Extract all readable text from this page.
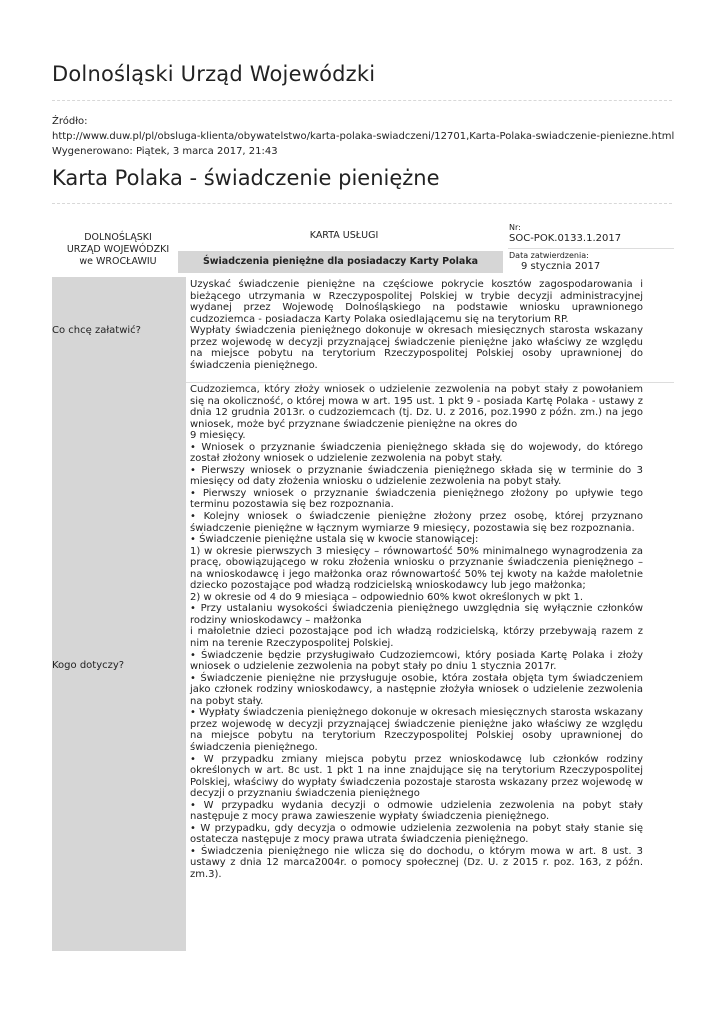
Dolnośląski Urząd Wojewódzki
Źródło:
http://www.duw.pl/pl/obsluga-klienta/obywatelstwo/karta-polaka-swiadczeni/12701,Karta-Polaka-swiadczenie-pieniezne.html
Wygenerowano: Piątek, 3 marca 2017, 21:43
Karta Polaka - świadczenie pieniężne
DOLNOŚLĄSKI
URZĄD WOJEWÓDZKI
we WROCŁAWIU
KARTA USŁUGI
Świadczenia pieniężne dla posiadaczy Karty Polaka
Nr:
SOC-POK.0133.1.2017
Data zatwierdzenia:
9 stycznia 2017
Co chcę załatwić?

Uzyskać świadczenie pieniężne na częściowe pokrycie kosztów zagospodarowania i bieżącego utrzymania w Rzeczypospolitej Polskiej w trybie decyzji administracyjnej wydanej przez Wojewodę Dolnośląskiego na podstawie wniosku uprawnionego cudzoziemca - posiadacza Karty Polaka osiedlającemu się na terytorium RP.

Wypłaty świadczenia pieniężnego dokonuje w okresach miesięcznych starosta wskazany przez wojewodę w decyzji przyznającej świadczenie pieniężne jako właściwy ze względu na miejsce pobytu na terytorium Rzeczypospolitej Polskiej osoby uprawnionej do świadczenia pieniężnego.

Kogo dotyczy?

Cudzoziemca, który złoży wniosek o udzielenie zezwolenia na pobyt stały z powołaniem się na okoliczność, o której mowa w art. 195 ust. 1 pkt 9 - posiada Kartę Polaka - ustawy z dnia 12 grudnia 2013r. o cudzoziemcach (tj. Dz. U. z 2016, poz.1990 z późn. zm.) na jego wniosek, może być przyznane świadczenie pieniężne na okres do

9 miesięcy.

• Wniosek o przyznanie świadczenia pieniężnego składa się do wojewody, do którego został złożony wniosek o udzielenie zezwolenia na pobyt stały.

• Pierwszy wniosek o przyznanie świadczenia pieniężnego składa się w terminie do 3 miesięcy od daty złożenia wniosku o udzielenie zezwolenia na pobyt stały.

• Pierwszy wniosek o przyznanie świadczenia pieniężnego złożony po upływie tego terminu pozostawia się bez rozpoznania.

• Kolejny wniosek o świadczenie pieniężne złożony przez osobę, której przyznano świadczenie pieniężne w łącznym wymiarze 9 miesięcy, pozostawia się bez rozpoznania.

• Świadczenie pieniężne ustala się w kwocie stanowiącej:

1) w okresie pierwszych 3 miesięcy – równowartość 50% minimalnego wynagrodzenia za pracę, obowiązującego w roku złożenia wniosku o przyznanie świadczenia pieniężnego – na wnioskodawcę i jego małżonka oraz równowartość 50% tej kwoty na każde małoletnie dziecko pozostające pod władzą rodzicielską wnioskodawcy lub jego małżonka;

2) w okresie od 4 do 9 miesiąca – odpowiednio 60% kwot określonych w pkt 1.

• Przy ustalaniu wysokości świadczenia pieniężnego uwzględnia się wyłącznie członków rodziny wnioskodawcy – małżonka

i małoletnie dzieci pozostające pod ich władzą rodzicielską, którzy przebywają razem z nim na terenie Rzeczypospolitej Polskiej.

• Świadczenie będzie przysługiwało Cudzoziemcowi, który posiada Kartę Polaka i złoży wniosek o udzielenie zezwolenia na pobyt stały po dniu 1 stycznia 2017r.

• Świadczenie pieniężne nie przysługuje osobie, która została objęta tym świadczeniem jako członek rodziny wnioskodawcy, a następnie złożyła wniosek o udzielenie zezwolenia na pobyt stały.

• Wypłaty świadczenia pieniężnego dokonuje w okresach miesięcznych starosta wskazany przez wojewodę w decyzji przyznającej świadczenie pieniężne jako właściwy ze względu na miejsce pobytu na terytorium Rzeczypospolitej Polskiej osoby uprawnionej do świadczenia pieniężnego.

• W przypadku zmiany miejsca pobytu przez wnioskodawcę lub członków rodziny określonych w art. 8c ust. 1 pkt 1 na inne znajdujące się na terytorium Rzeczypospolitej Polskiej, właściwy do wypłaty świadczenia pozostaje starosta wskazany przez wojewodę w decyzji o przyznaniu świadczenia pieniężnego

• W przypadku wydania decyzji o odmowie udzielenia zezwolenia na pobyt stały następuje z mocy prawa zawieszenie wypłaty świadczenia pieniężnego.

• W przypadku, gdy decyzja o odmowie udzielenia zezwolenia na pobyt stały stanie się ostatecza następuje z mocy prawa utrata świadczenia pieniężnego.

• Świadczenia pieniężnego nie wlicza się do dochodu, o którym mowa w art. 8 ust. 3 ustawy z dnia 12 marca2004r. o pomocy społecznej (Dz. U. z 2015 r. poz. 163, z późn. zm.3).
